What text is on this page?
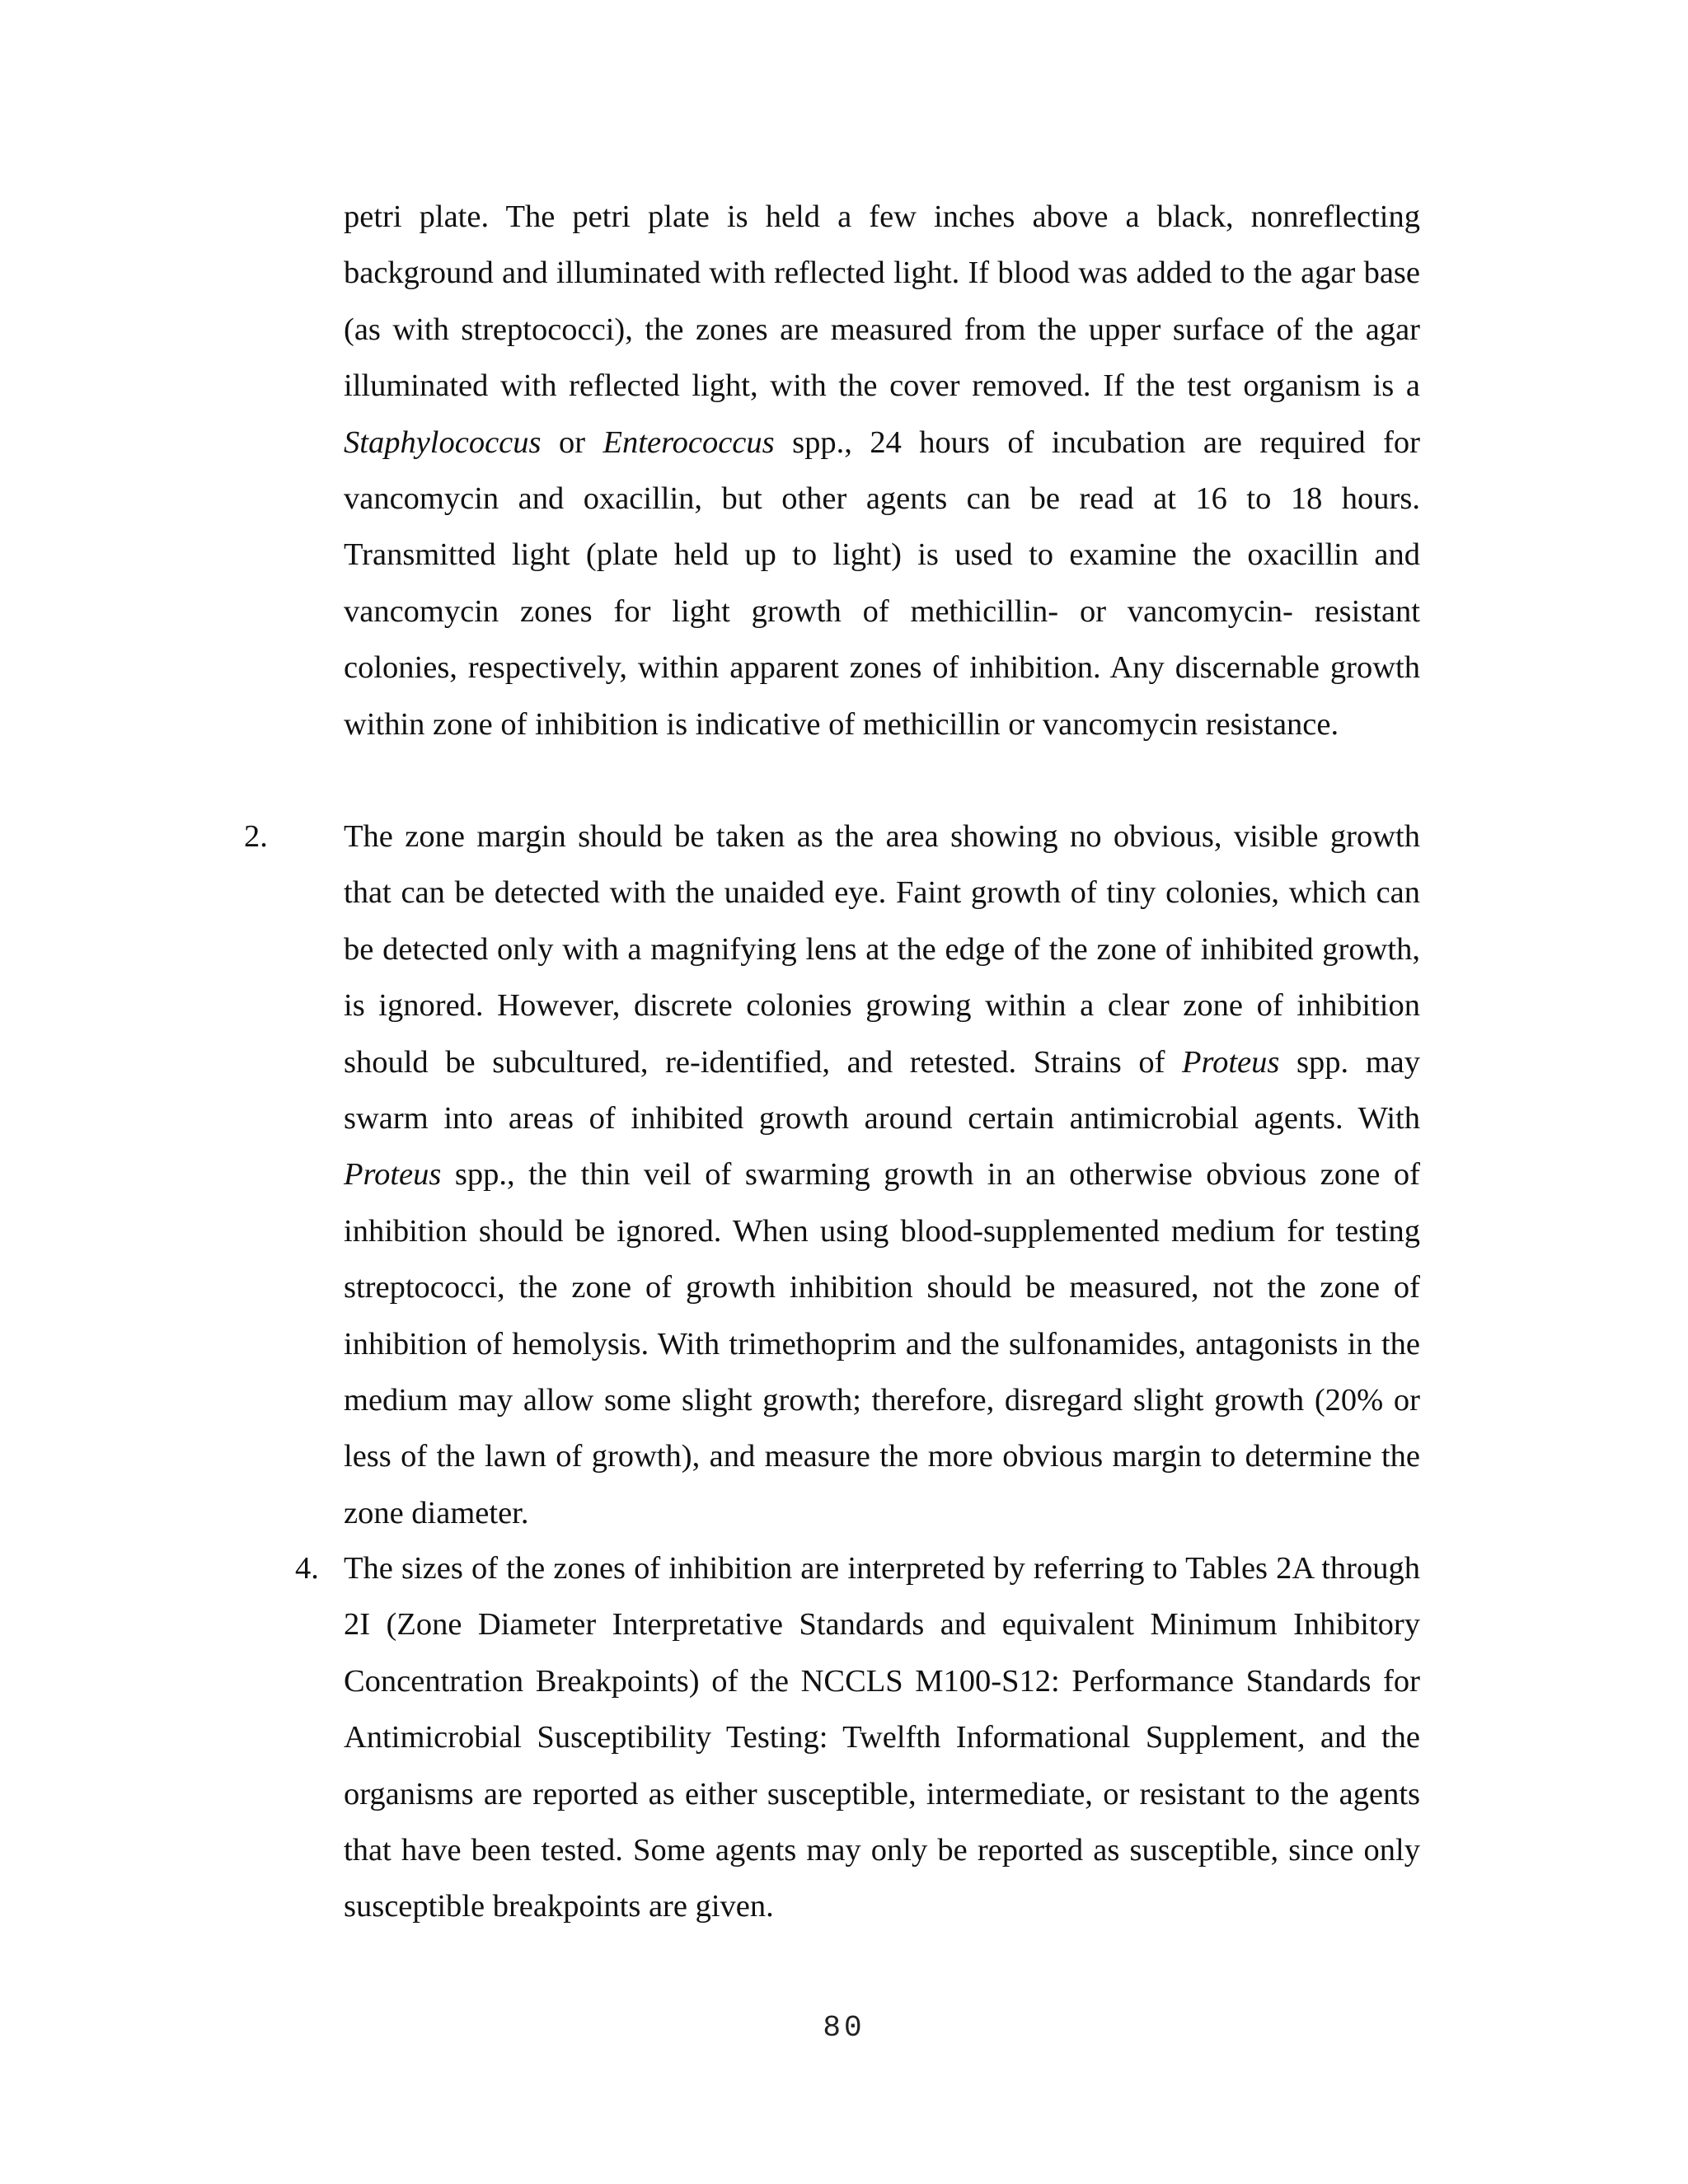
petri plate. The petri plate is held a few inches above a black, nonreflecting background and illuminated with reflected light. If blood was added to the agar base (as with streptococci), the zones are measured from the upper surface of the agar illuminated with reflected light, with the cover removed. If the test organism is a Staphylococcus or Enterococcus spp., 24 hours of incubation are required for vancomycin and oxacillin, but other agents can be read at 16 to 18 hours. Transmitted light (plate held up to light) is used to examine the oxacillin and vancomycin zones for light growth of methicillin- or vancomycin- resistant colonies, respectively, within apparent zones of inhibition. Any discernable growth within zone of inhibition is indicative of methicillin or vancomycin resistance.

2. The zone margin should be taken as the area showing no obvious, visible growth that can be detected with the unaided eye. Faint growth of tiny colonies, which can be detected only with a magnifying lens at the edge of the zone of inhibited growth, is ignored. However, discrete colonies growing within a clear zone of inhibition should be subcultured, re-identified, and retested. Strains of Proteus spp. may swarm into areas of inhibited growth around certain antimicrobial agents. With Proteus spp., the thin veil of swarming growth in an otherwise obvious zone of inhibition should be ignored. When using blood-supplemented medium for testing streptococci, the zone of growth inhibition should be measured, not the zone of inhibition of hemolysis. With trimethoprim and the sulfonamides, antagonists in the medium may allow some slight growth; therefore, disregard slight growth (20% or less of the lawn of growth), and measure the more obvious margin to determine the zone diameter.

4. The sizes of the zones of inhibition are interpreted by referring to Tables 2A through 2I (Zone Diameter Interpretative Standards and equivalent Minimum Inhibitory Concentration Breakpoints) of the NCCLS M100-S12: Performance Standards for Antimicrobial Susceptibility Testing: Twelfth Informational Supplement, and the organisms are reported as either susceptible, intermediate, or resistant to the agents that have been tested. Some agents may only be reported as susceptible, since only susceptible breakpoints are given.

80
